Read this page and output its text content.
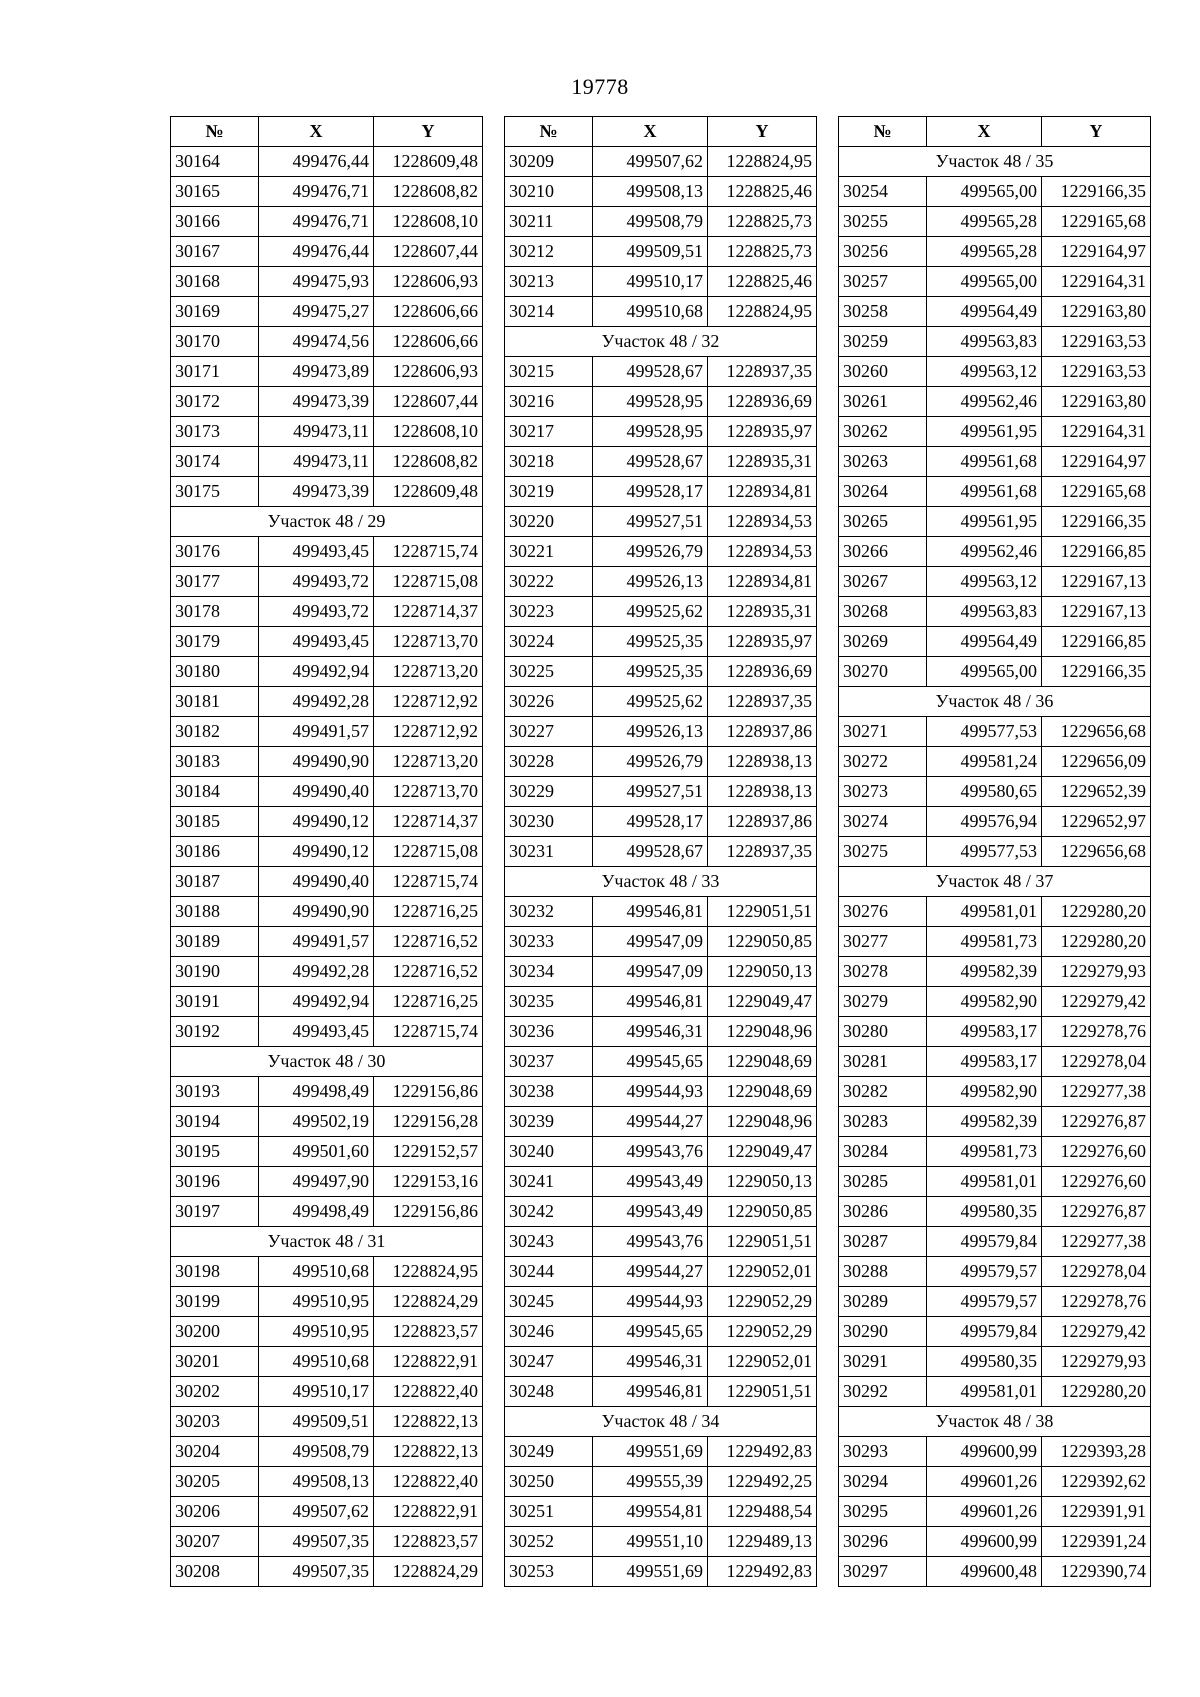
19778
№	X	Y
30164	499476,44	1228609,48
30165	499476,71	1228608,82
30166	499476,71	1228608,10
30167	499476,44	1228607,44
30168	499475,93	1228606,93
30169	499475,27	1228606,66
30170	499474,56	1228606,66
30171	499473,89	1228606,93
30172	499473,39	1228607,44
30173	499473,11	1228608,10
30174	499473,11	1228608,82
30175	499473,39	1228609,48
Участок 48 / 29		
30176	499493,45	1228715,74
30177	499493,72	1228715,08
30178	499493,72	1228714,37
30179	499493,45	1228713,70
30180	499492,94	1228713,20
30181	499492,28	1228712,92
30182	499491,57	1228712,92
30183	499490,90	1228713,20
30184	499490,40	1228713,70
30185	499490,12	1228714,37
30186	499490,12	1228715,08
30187	499490,40	1228715,74
30188	499490,90	1228716,25
30189	499491,57	1228716,52
30190	499492,28	1228716,52
30191	499492,94	1228716,25
30192	499493,45	1228715,74
Участок 48 / 30		
30193	499498,49	1229156,86
30194	499502,19	1229156,28
30195	499501,60	1229152,57
30196	499497,90	1229153,16
30197	499498,49	1229156,86
Участок 48 / 31		
30198	499510,68	1228824,95
30199	499510,95	1228824,29
30200	499510,95	1228823,57
30201	499510,68	1228822,91
30202	499510,17	1228822,40
30203	499509,51	1228822,13
30204	499508,79	1228822,13
30205	499508,13	1228822,40
30206	499507,62	1228822,91
30207	499507,35	1228823,57
30208	499507,35	1228824,29
№	X	Y
30209	499507,62	1228824,95
30210	499508,13	1228825,46
30211	499508,79	1228825,73
30212	499509,51	1228825,73
30213	499510,17	1228825,46
30214	499510,68	1228824,95
Участок 48 / 32		
30215	499528,67	1228937,35
30216	499528,95	1228936,69
30217	499528,95	1228935,97
30218	499528,67	1228935,31
30219	499528,17	1228934,81
30220	499527,51	1228934,53
30221	499526,79	1228934,53
30222	499526,13	1228934,81
30223	499525,62	1228935,31
30224	499525,35	1228935,97
30225	499525,35	1228936,69
30226	499525,62	1228937,35
30227	499526,13	1228937,86
30228	499526,79	1228938,13
30229	499527,51	1228938,13
30230	499528,17	1228937,86
30231	499528,67	1228937,35
Участок 48 / 33		
30232	499546,81	1229051,51
30233	499547,09	1229050,85
30234	499547,09	1229050,13
30235	499546,81	1229049,47
30236	499546,31	1229048,96
30237	499545,65	1229048,69
30238	499544,93	1229048,69
30239	499544,27	1229048,96
30240	499543,76	1229049,47
30241	499543,49	1229050,13
30242	499543,49	1229050,85
30243	499543,76	1229051,51
30244	499544,27	1229052,01
30245	499544,93	1229052,29
30246	499545,65	1229052,29
30247	499546,31	1229052,01
30248	499546,81	1229051,51
Участок 48 / 34		
30249	499551,69	1229492,83
30250	499555,39	1229492,25
30251	499554,81	1229488,54
30252	499551,10	1229489,13
30253	499551,69	1229492,83
№	X	Y
Участок 48 / 35		
30254	499565,00	1229166,35
30255	499565,28	1229165,68
30256	499565,28	1229164,97
30257	499565,00	1229164,31
30258	499564,49	1229163,80
30259	499563,83	1229163,53
30260	499563,12	1229163,53
30261	499562,46	1229163,80
30262	499561,95	1229164,31
30263	499561,68	1229164,97
30264	499561,68	1229165,68
30265	499561,95	1229166,35
30266	499562,46	1229166,85
30267	499563,12	1229167,13
30268	499563,83	1229167,13
30269	499564,49	1229166,85
30270	499565,00	1229166,35
Участок 48 / 36		
30271	499577,53	1229656,68
30272	499581,24	1229656,09
30273	499580,65	1229652,39
30274	499576,94	1229652,97
30275	499577,53	1229656,68
Участок 48 / 37		
30276	499581,01	1229280,20
30277	499581,73	1229280,20
30278	499582,39	1229279,93
30279	499582,90	1229279,42
30280	499583,17	1229278,76
30281	499583,17	1229278,04
30282	499582,90	1229277,38
30283	499582,39	1229276,87
30284	499581,73	1229276,60
30285	499581,01	1229276,60
30286	499580,35	1229276,87
30287	499579,84	1229277,38
30288	499579,57	1229278,04
30289	499579,57	1229278,76
30290	499579,84	1229279,42
30291	499580,35	1229279,93
30292	499581,01	1229280,20
Участок 48 / 38		
30293	499600,99	1229393,28
30294	499601,26	1229392,62
30295	499601,26	1229391,91
30296	499600,99	1229391,24
30297	499600,48	1229390,74
